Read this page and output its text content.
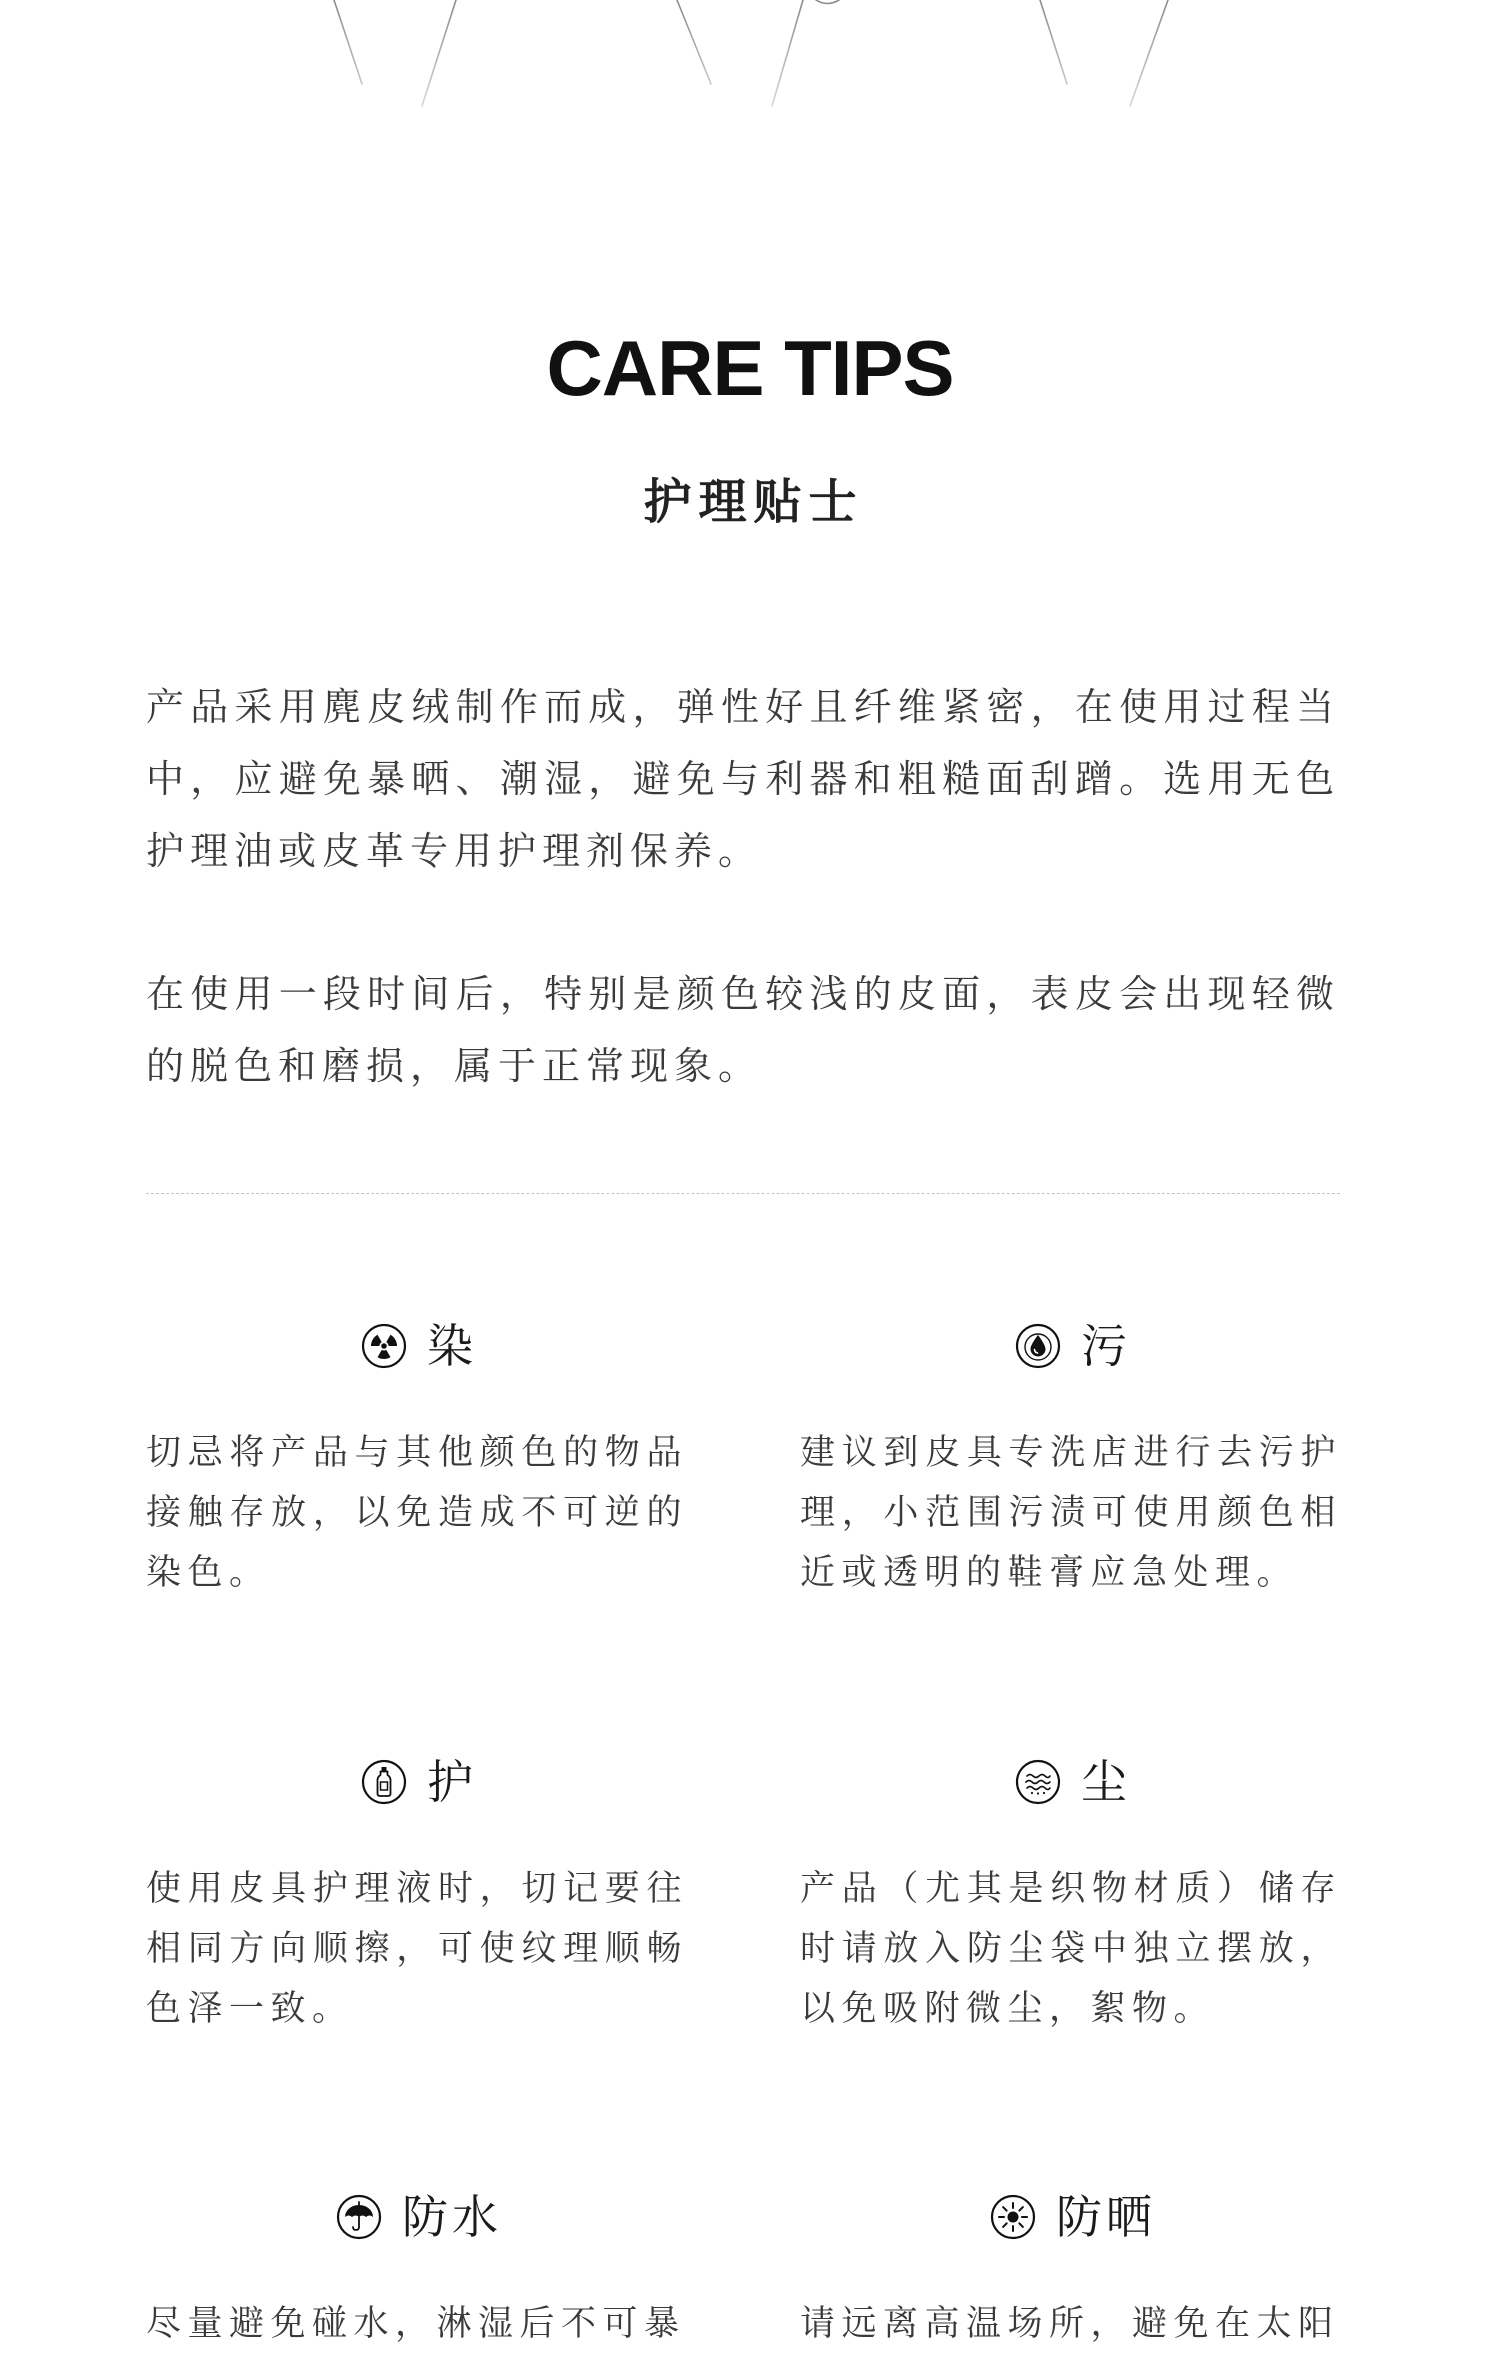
CARE TIPS
护理贴士

产品采用麂皮绒制作而成，弹性好且纤维紧密，在使用过程当中，应避免暴晒、潮湿，避免与利器和粗糙面刮蹭。选用无色护理油或皮革专用护理剂保养。

在使用一段时间后，特别是颜色较浅的皮面，表皮会出现轻微的脱色和磨损，属于正常现象。

染

切忌将产品与其他颜色的物品接触存放，以免造成不可逆的染色。

污

建议到皮具专洗店进行去污护理，小范围污渍可使用颜色相近或透明的鞋膏应急处理。

护

使用皮具护理液时，切记要往相同方向顺擦，可使纹理顺畅色泽一致。

尘

产品（尤其是织物材质）储存时请放入防尘袋中独立摆放，以免吸附微尘，絮物。

防水

尽量避免碰水，淋湿后不可暴

防晒

请远离高温场所，避免在太阳
